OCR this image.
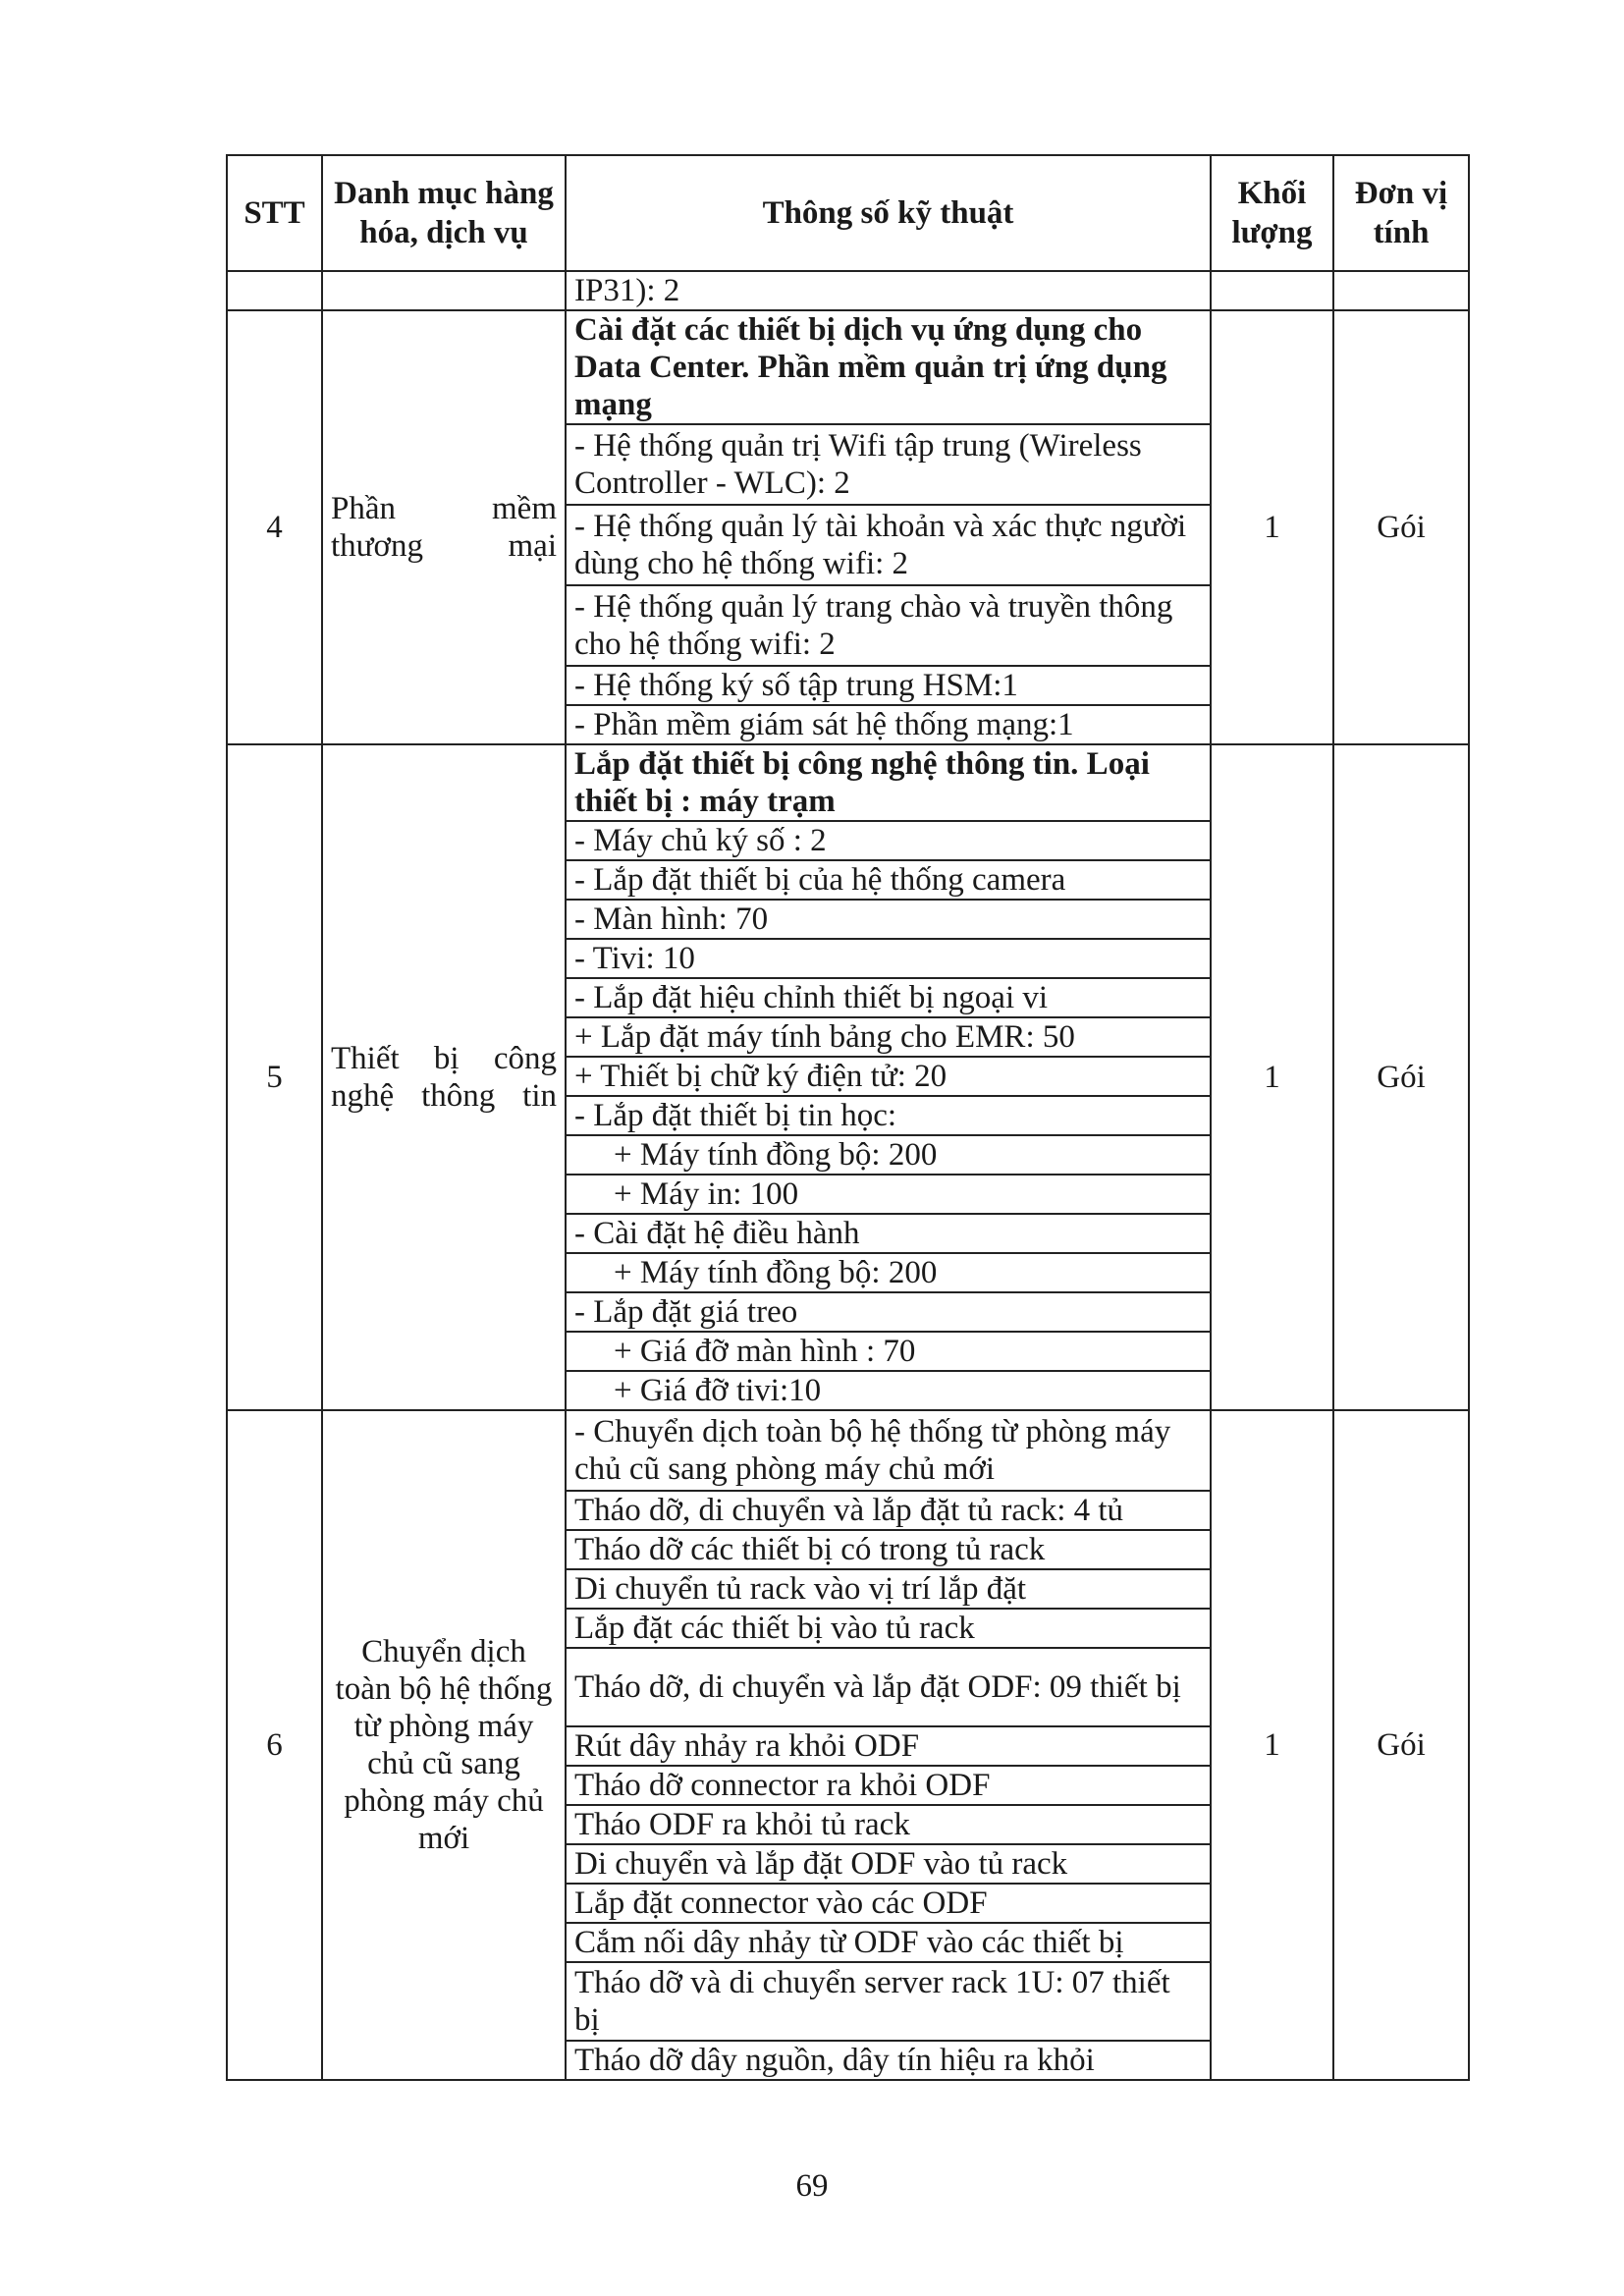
STT	Danh mục hàng hóa, dịch vụ	Thông số kỹ thuật	Khối lượng	Đơn vị tính
		IP31): 2		
4	Phần mềm thương mại	Cài đặt các thiết bị dịch vụ ứng dụng cho Data Center. Phần mềm quản trị ứng dụng mạng	1	Gói
		- Hệ thống quản trị Wifi tập trung (Wireless Controller - WLC): 2		
		- Hệ thống quản lý tài khoản và xác thực người dùng cho hệ thống wifi: 2		
		- Hệ thống quản lý trang chào và truyền thông cho hệ thống wifi: 2		
		- Hệ thống ký số tập trung HSM:1		
		- Phần mềm giám sát hệ thống mạng:1		
5	Thiết bị công nghệ thông tin	Lắp đặt thiết bị công nghệ thông tin. Loại thiết bị : máy trạm	1	Gói
		- Máy chủ ký số : 2		
		- Lắp đặt thiết bị của hệ thống camera		
		- Màn hình: 70		
		- Tivi: 10		
		- Lắp đặt hiệu chỉnh thiết bị ngoại vi		
		+ Lắp đặt máy tính bảng cho EMR: 50		
		+ Thiết bị chữ ký điện tử: 20		
		- Lắp đặt thiết bị tin học:		
		+ Máy tính đồng bộ: 200		
		+ Máy in: 100		
		- Cài đặt hệ điều hành		
		+ Máy tính đồng bộ: 200		
		- Lắp đặt giá treo		
		+ Giá đỡ màn hình : 70		
		+ Giá đỡ tivi:10		
6	Chuyển dịch toàn bộ hệ thống từ phòng máy chủ cũ sang phòng máy chủ mới	- Chuyển dịch toàn bộ hệ thống từ phòng máy chủ cũ sang phòng máy chủ mới	1	Gói
		Tháo dỡ, di chuyển và lắp đặt tủ rack: 4 tủ		
		Tháo dỡ các thiết bị có trong tủ rack		
		Di chuyển tủ rack vào vị trí lắp đặt		
		Lắp đặt các thiết bị vào tủ rack		
		Tháo dỡ, di chuyển và lắp đặt ODF: 09 thiết bị		
		Rút dây nhảy ra khỏi ODF		
		Tháo dỡ connector ra khỏi ODF		
		Tháo ODF ra khỏi tủ rack		
		Di chuyển và lắp đặt ODF vào tủ rack		
		Lắp đặt connector vào các ODF		
		Cắm nối dây nhảy từ ODF vào các thiết bị		
		Tháo dỡ và di chuyển server rack 1U: 07 thiết bị		
		Tháo dỡ dây nguồn, dây tín hiệu ra khỏi		
69
